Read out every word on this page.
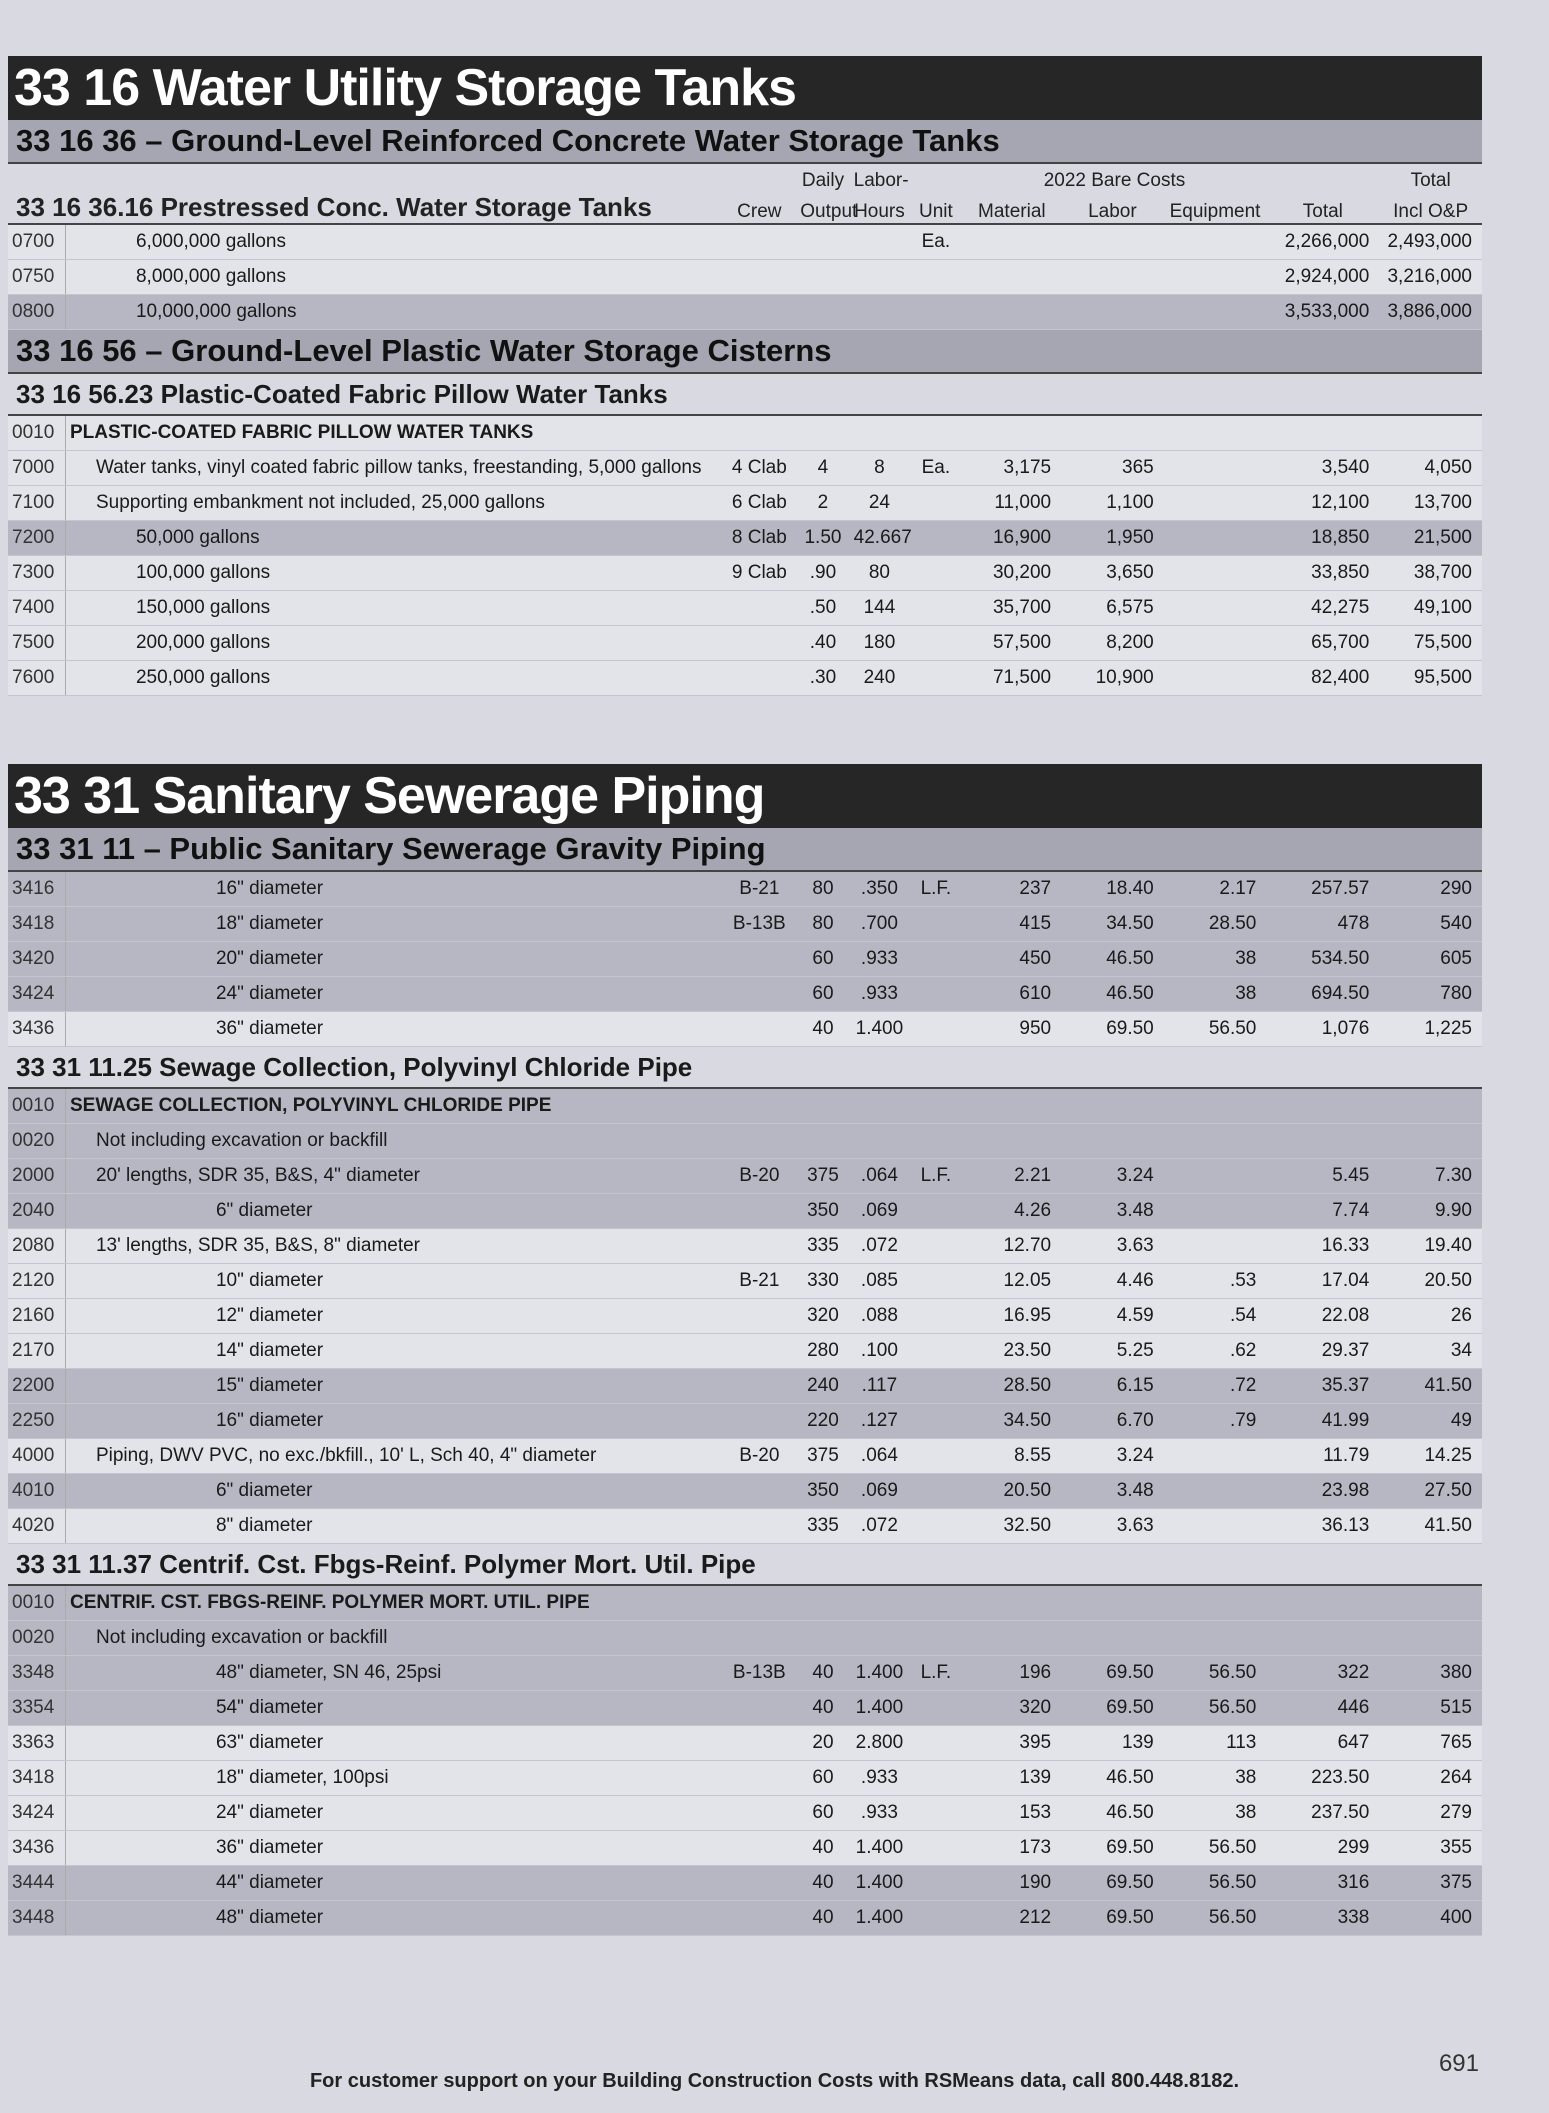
33 16 Water Utility Storage Tanks
33 16 36 – Ground-Level Reinforced Concrete Water Storage Tanks
		Daily	Labor-		2022 Bare Costs				Total
33 16 36.16 Prestressed Conc. Water Storage Tanks	Crew	Output	Hours	Unit	Material	Labor	Equipment	Total	Incl O&P
0700	6,000,000 gallons				Ea.				2,266,000	2,493,000
0750	8,000,000 gallons								2,924,000	3,216,000
0800	10,000,000 gallons								3,533,000	3,886,000
33 16 56 – Ground-Level Plastic Water Storage Cisterns
33 16 56.23 Plastic-Coated Fabric Pillow Water Tanks
0010	PLASTIC-COATED FABRIC PILLOW WATER TANKS									
7000	Water tanks, vinyl coated fabric pillow tanks, freestanding, 5,000 gallons	4 Clab	4	8	Ea.	3,175	365		3,540	4,050
7100	Supporting embankment not included, 25,000 gallons	6 Clab	2	24		11,000	1,100		12,100	13,700
7200	50,000 gallons	8 Clab	1.50	42.667		16,900	1,950		18,850	21,500
7300	100,000 gallons	9 Clab	.90	80		30,200	3,650		33,850	38,700
7400	150,000 gallons		.50	144		35,700	6,575		42,275	49,100
7500	200,000 gallons		.40	180		57,500	8,200		65,700	75,500
7600	250,000 gallons		.30	240		71,500	10,900		82,400	95,500
33 31 Sanitary Sewerage Piping
33 31 11 – Public Sanitary Sewerage Gravity Piping
3416	16" diameter	B-21	80	.350	L.F.	237	18.40	2.17	257.57	290
3418	18" diameter	B-13B	80	.700		415	34.50	28.50	478	540
3420	20" diameter		60	.933		450	46.50	38	534.50	605
3424	24" diameter		60	.933		610	46.50	38	694.50	780
3436	36" diameter		40	1.400		950	69.50	56.50	1,076	1,225
33 31 11.25 Sewage Collection, Polyvinyl Chloride Pipe
0010	SEWAGE COLLECTION, POLYVINYL CHLORIDE PIPE									
0020	Not including excavation or backfill									
2000	20' lengths, SDR 35, B&S, 4" diameter	B-20	375	.064	L.F.	2.21	3.24		5.45	7.30
2040	6" diameter		350	.069		4.26	3.48		7.74	9.90
2080	13' lengths, SDR 35, B&S, 8" diameter		335	.072		12.70	3.63		16.33	19.40
2120	10" diameter	B-21	330	.085		12.05	4.46	.53	17.04	20.50
2160	12" diameter		320	.088		16.95	4.59	.54	22.08	26
2170	14" diameter		280	.100		23.50	5.25	.62	29.37	34
2200	15" diameter		240	.117		28.50	6.15	.72	35.37	41.50
2250	16" diameter		220	.127		34.50	6.70	.79	41.99	49
4000	Piping, DWV PVC, no exc./bkfill., 10' L, Sch 40, 4" diameter	B-20	375	.064		8.55	3.24		11.79	14.25
4010	6" diameter		350	.069		20.50	3.48		23.98	27.50
4020	8" diameter		335	.072		32.50	3.63		36.13	41.50
33 31 11.37 Centrif. Cst. Fbgs-Reinf. Polymer Mort. Util. Pipe
0010	CENTRIF. CST. FBGS-REINF. POLYMER MORT. UTIL. PIPE									
0020	Not including excavation or backfill									
3348	48" diameter, SN 46, 25psi	B-13B	40	1.400	L.F.	196	69.50	56.50	322	380
3354	54" diameter		40	1.400		320	69.50	56.50	446	515
3363	63" diameter		20	2.800		395	139	113	647	765
3418	18" diameter, 100psi		60	.933		139	46.50	38	223.50	264
3424	24" diameter		60	.933		153	46.50	38	237.50	279
3436	36" diameter		40	1.400		173	69.50	56.50	299	355
3444	44" diameter		40	1.400		190	69.50	56.50	316	375
3448	48" diameter		40	1.400		212	69.50	56.50	338	400
691
For customer support on your Building Construction Costs with RSMeans data, call 800.448.8182.
